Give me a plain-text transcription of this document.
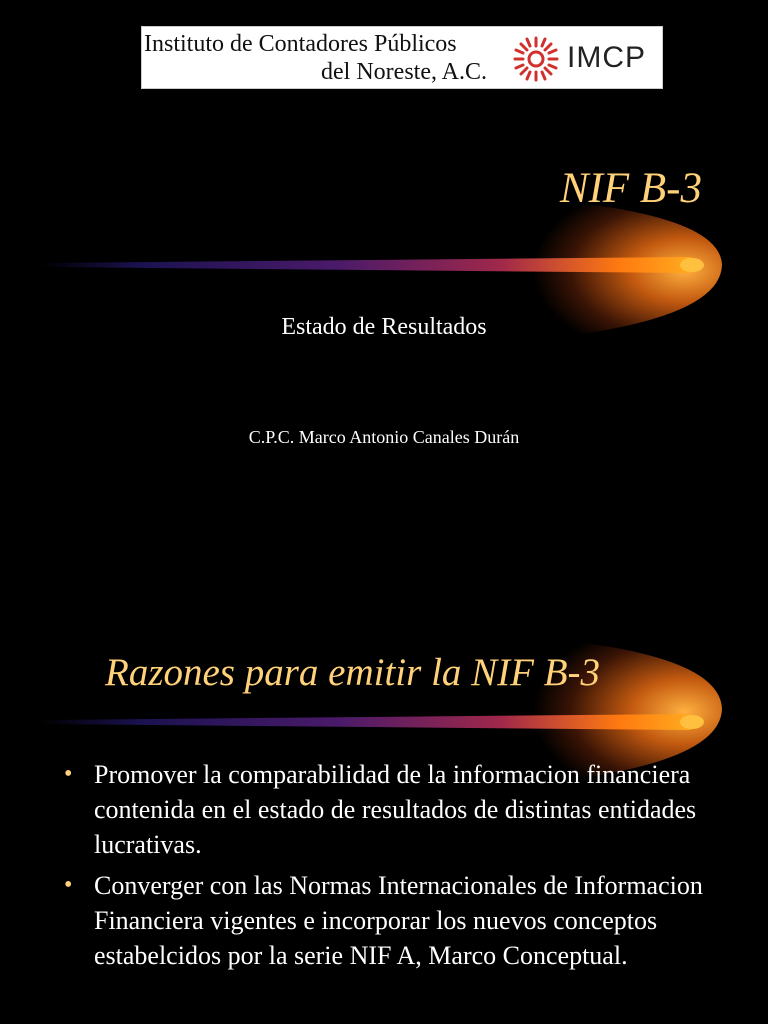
Instituto de Contadores Públicos
del Noreste, A.C.	IMCP
NIF B-3
Estado de Resultados
C.P.C. Marco Antonio Canales Durán
Razones para emitir la NIF B-3
• Promover la comparabilidad de la informacion financiera contenida en el estado de resultados de distintas entidades lucrativas.
• Converger con las Normas Internacionales de Informacion Financiera vigentes e incorporar los nuevos conceptos estabelcidos por la serie NIF A, Marco Conceptual.
